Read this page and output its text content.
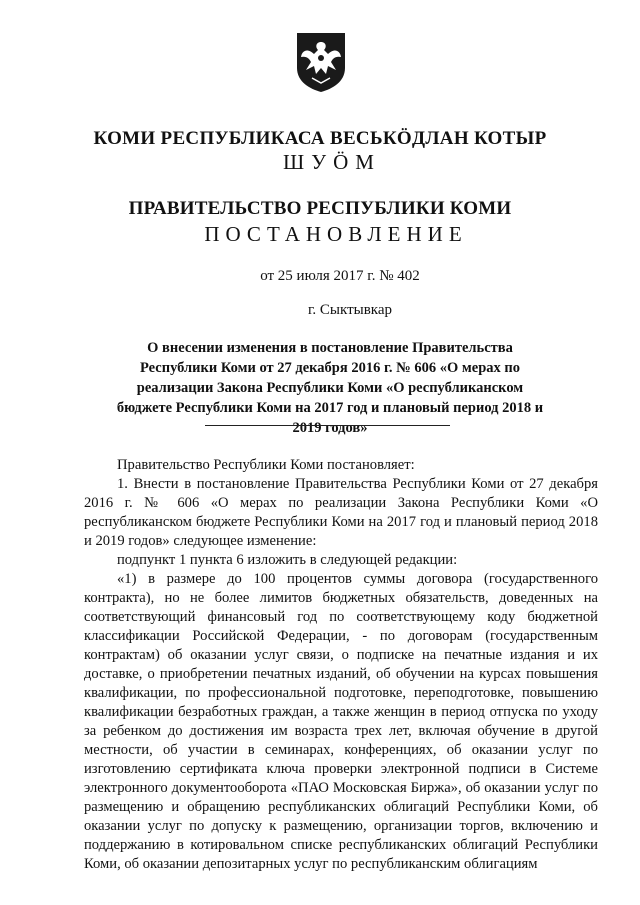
КОМИ РЕСПУБЛИКАСА ВЕСЬКӦДЛАН КОТЫР
ШУӦМ
ПРАВИТЕЛЬСТВО РЕСПУБЛИКИ КОМИ
ПОСТАНОВЛЕНИЕ
от 25 июля 2017 г. № 402
г. Сыктывкар
О внесении изменения в постановление Правительства Республики Коми от 27 декабря 2016 г. № 606 «О мерах по реализации Закона Республики Коми «О республиканском бюджете Республики Коми на 2017 год и плановый период 2018 и 2019 годов»

Правительство Республики Коми постановляет:

1. Внести в постановление Правительства Республики Коми от 27 декабря 2016 г. № 606 «О мерах по реализации Закона Республики Коми «О республиканском бюджете Республики Коми на 2017 год и плановый период 2018 и 2019 годов» следующее изменение:

подпункт 1 пункта 6 изложить в следующей редакции:

«1) в размере до 100 процентов суммы договора (государственного контракта), но не более лимитов бюджетных обязательств, доведенных на соответствующий финансовый год по соответствующему коду бюджетной классификации Российской Федерации, - по договорам (государственным контрактам) об оказании услуг связи, о подписке на печатные издания и их доставке, о приобретении печатных изданий, об обучении на курсах повышения квалификации, по профессиональной подготовке, переподготовке, повышению квалификации безработных граждан, а также женщин в период отпуска по уходу за ребенком до достижения им возраста трех лет, включая обучение в другой местности, об участии в семинарах, конференциях, об оказании услуг по изготовлению сертификата ключа проверки электронной подписи в Системе электронного документооборота «ПАО Московская Биржа», об оказании услуг по размещению и обращению республиканских облигаций Республики Коми, об оказании услуг по допуску к размещению, организации торгов, включению и поддержанию в котировальном списке республиканских облигаций Республики Коми, об оказании депозитарных услуг по республиканским облигациям
